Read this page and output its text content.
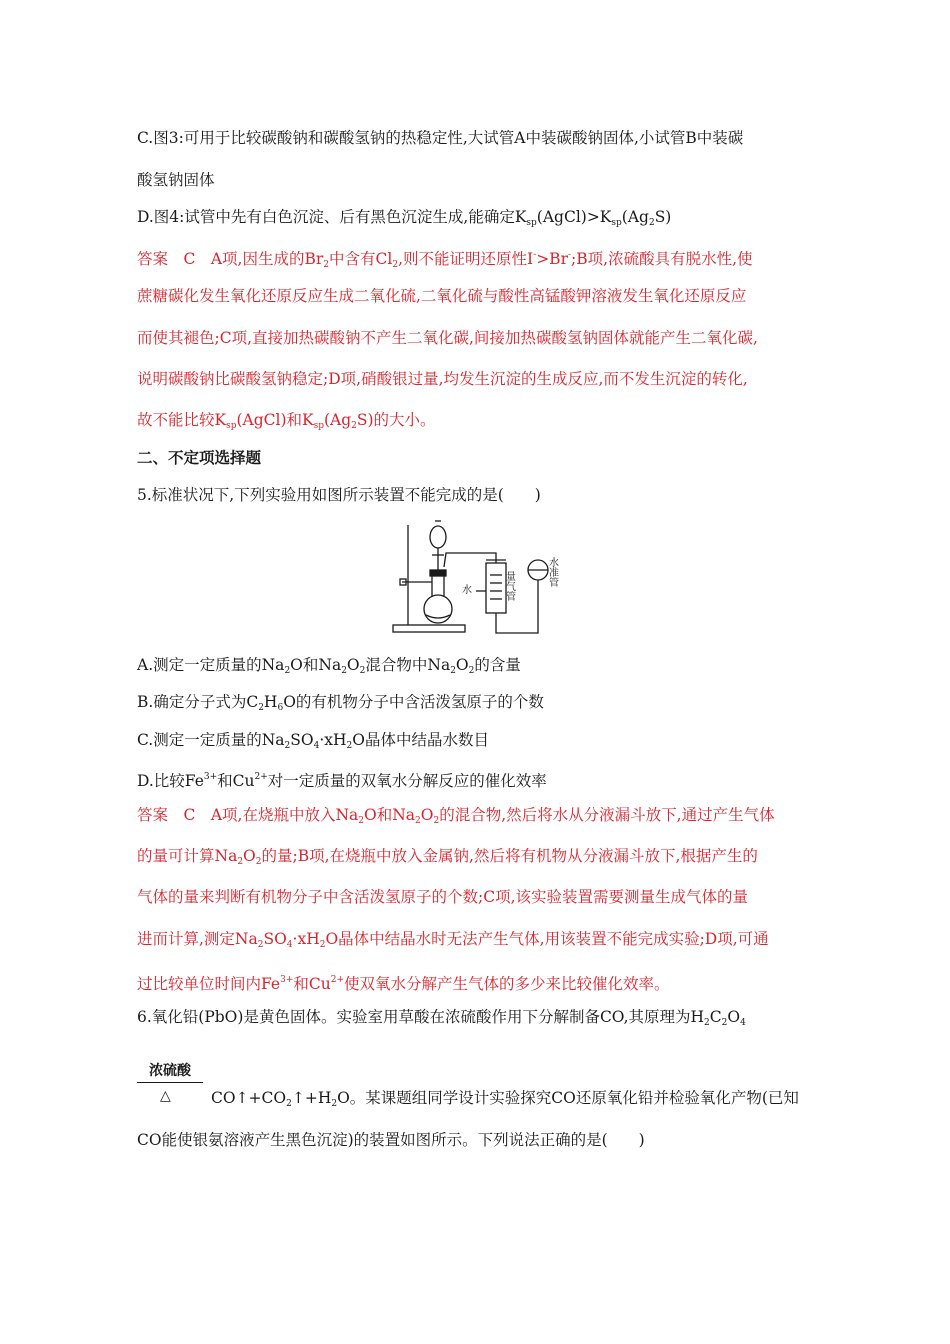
C.图3:可用于比较碳酸钠和碳酸氢钠的热稳定性,大试管A中装碳酸钠固体,小试管B中装碳
酸氢钠固体
D.图4:试管中先有白色沉淀、后有黑色沉淀生成,能确定$K_{sp}(AgCl)>K_{sp}(Ag_2S)$
答案　C　A项,因生成的$Br_2$中含有$Cl_2$,则不能证明还原性I->Br-;B项,浓硫酸具有脱水性,使
蔗糖碳化发生氧化还原反应生成二氧化硫,二氧化硫与酸性高锰酸钾溶液发生氧化还原反应
而使其褪色;C项,直接加热碳酸钠不产生二氧化碳,间接加热碳酸氢钠固体就能产生二氧化碳,
说明碳酸钠比碳酸氢钠稳定;D项,硝酸银过量,均发生沉淀的生成反应,而不发生沉淀的转化,
故不能比较$K_{sp}(AgCl)$和$K_{sp}(Ag_2S)$的大小。
二、不定项选择题
5.标准状况下,下列实验用如图所示装置不能完成的是(　　)
水	量气管	水准管
A.测定一定质量的$Na_2O$和$Na_2O_2$混合物中$Na_2O_2$的含量
B.确定分子式为$C_2H_6O$的有机物分子中含活泼氢原子的个数
C.测定一定质量的$Na_2SO_4\cdot xH_2O$晶体中结晶水数目
D.比较$Fe^{3+}$和$Cu^{2+}$对一定质量的双氧水分解反应的催化效率
答案　C　A项,在烧瓶中放入$Na_2O$和$Na_2O_2$的混合物,然后将水从分液漏斗放下,通过产生气体
的量可计算$Na_2O_2$的量;B项,在烧瓶中放入金属钠,然后将有机物从分液漏斗放下,根据产生的
气体的量来判断有机物分子中含活泼氢原子的个数;C项,该实验装置需要测量生成气体的量
进而计算,测定$Na_2SO_4\cdot xH_2O$晶体中结晶水时无法产生气体,用该装置不能完成实验;D项,可通
过比较单位时间内$Fe^{3+}$和$Cu^{2+}$使双氧水分解产生气体的多少来比较催化效率。
6.氧化铅(PbO)是黄色固体。实验室用草酸在浓硫酸作用下分解制备CO,其原理为$H_2C_2O_4$
浓硫酸
△	$CO↑+CO_2↑+H_2O$。某课题组同学设计实验探究CO还原氧化铅并检验氧化产物(已知
CO能使银氨溶液产生黑色沉淀)的装置如图所示。下列说法正确的是(　　)
